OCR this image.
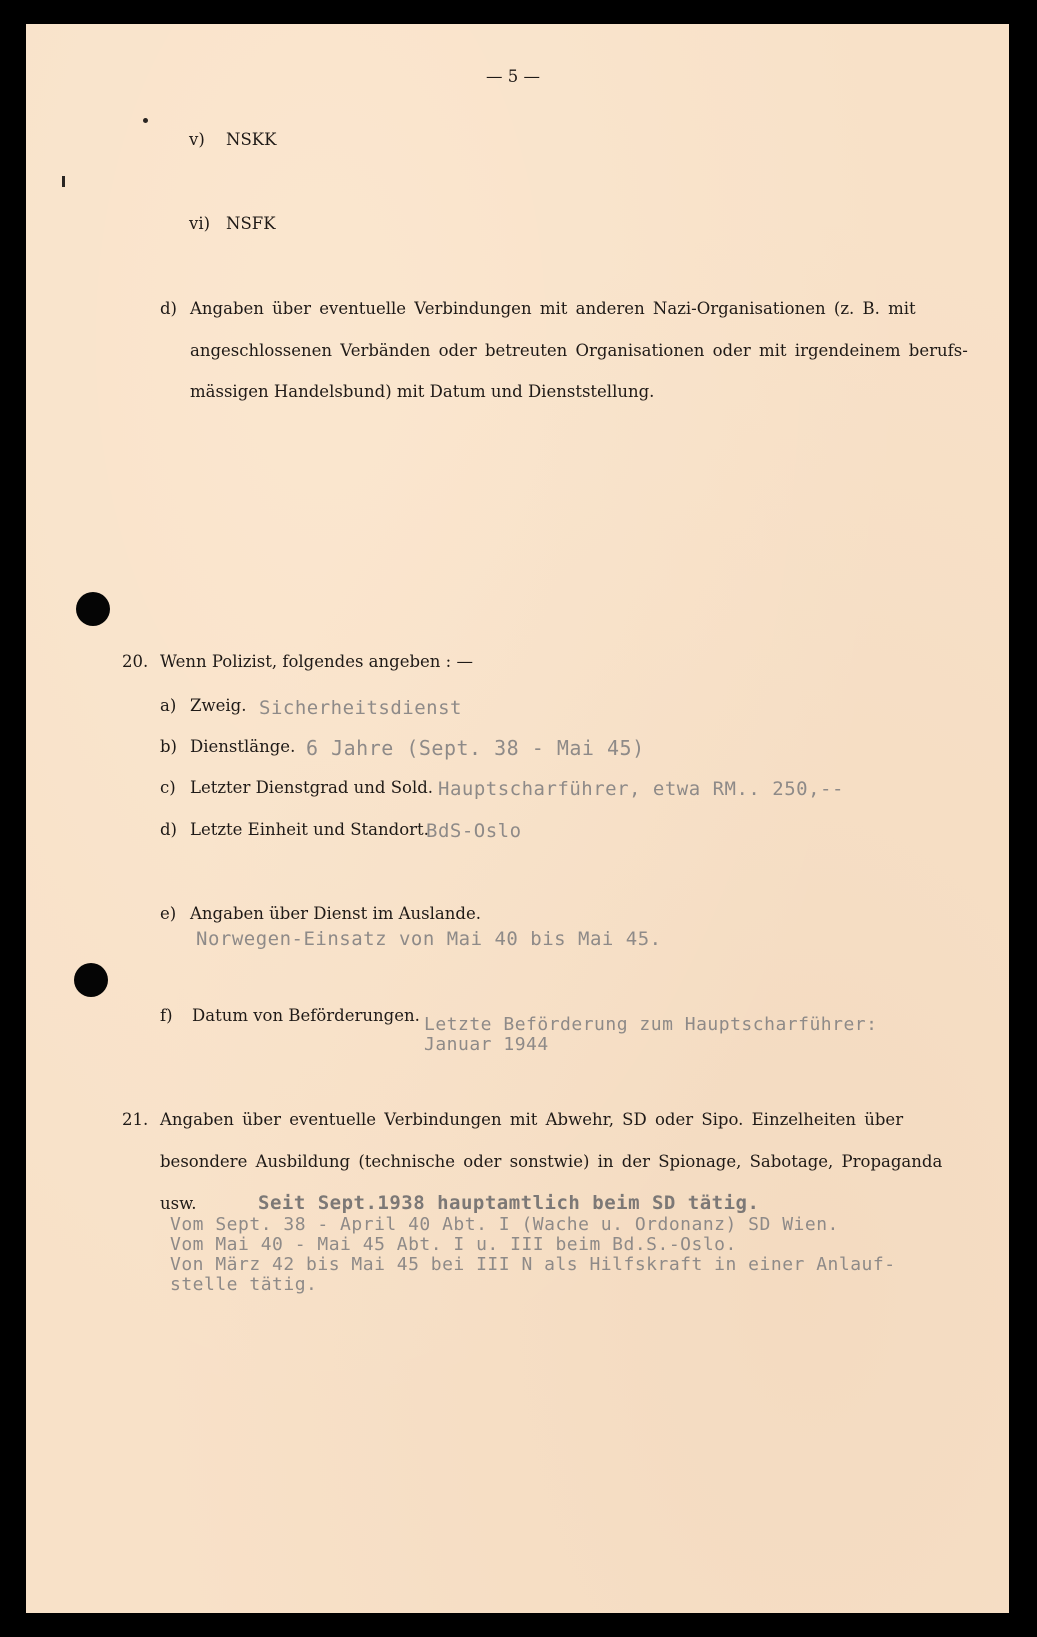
— 5 —
v) NSKK
vi) NSFK
d) Angaben über eventuelle Verbindungen mit anderen Nazi-Organisationen (z. B. mit
angeschlossenen Verbänden oder betreuten Organisationen oder mit irgendeinem berufs-
mässigen Handelsbund) mit Datum und Dienststellung.
20. Wenn Polizist, folgendes angeben : —
a) Zweig. Sicherheitsdienst
b) Dienstlänge. 6 Jahre (Sept. 38 - Mai 45)
c) Letzter Dienstgrad und Sold. Hauptscharführer, etwa RM.. 250,--
d) Letzte Einheit und Standort.
BdS-Oslo
e) Angaben über Dienst im Auslande.
Norwegen-Einsatz von Mai 40 bis Mai 45.
f) Datum von Beförderungen. Letzte Beförderung zum Hauptscharführer:
Januar 1944
21. Angaben über eventuelle Verbindungen mit Abwehr, SD oder Sipo. Einzelheiten über
besondere Ausbildung (technische oder sonstwie) in der Spionage, Sabotage, Propaganda
usw.	Seit Sept.1938 hauptamtlich beim SD tätig.
Vom Sept. 38 - April 40 Abt. I (Wache u. Ordonanz) SD Wien.
Vom Mai 40 - Mai 45 Abt. I u. III beim Bd.S.-Oslo.
Von März 42 bis Mai 45 bei III N als Hilfskraft in einer Anlauf-
stelle tätig.
